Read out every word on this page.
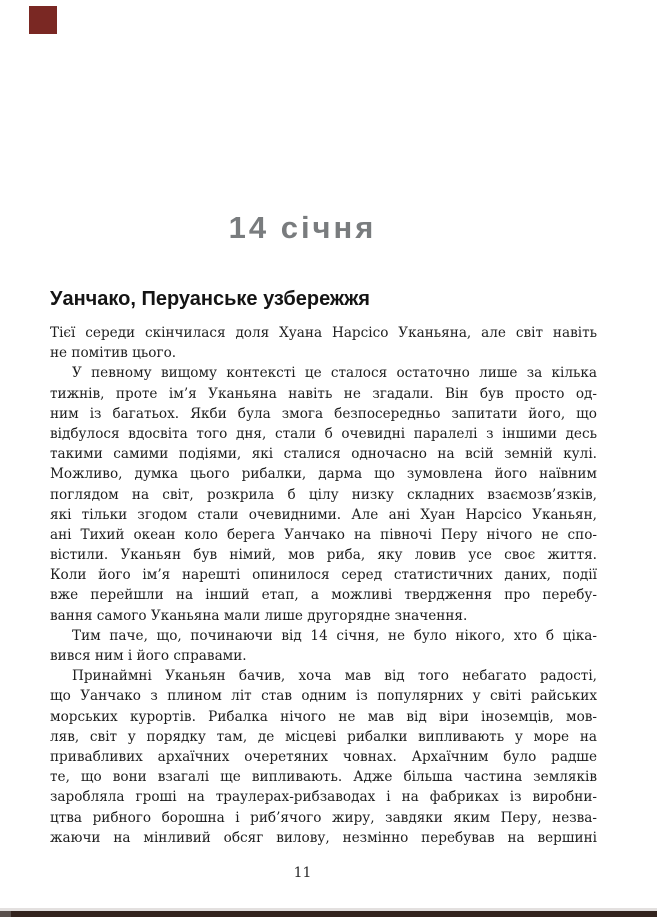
14 січня
Уанчако, Перуанське узбережжя
Тієї середи скінчилася доля Хуана Нарсісо Уканьяна, але світ навіть
не помітив цього.
У певному вищому контексті це сталося остаточно лише за кілька
тижнів, проте ім’я Уканьяна навіть не згадали. Він був просто од-
ним із багатьох. Якби була змога безпосередньо запитати його, що
відбулося вдосвіта того дня, стали б очевидні паралелі з іншими десь
такими самими подіями, які сталися одночасно на всій земній кулі.
Можливо, думка цього рибалки, дарма що зумовлена його наївним
поглядом на світ, розкрила б цілу низку складних взаємозв’язків,
які тільки згодом стали очевидними. Але ані Хуан Нарсісо Уканьян,
ані Тихий океан коло берега Уанчако на півночі Перу нічого не спо-
вістили. Уканьян був німий, мов риба, яку ловив усе своє життя.
Коли його ім’я нарешті опинилося серед статистичних даних, події
вже перейшли на інший етап, а можливі твердження про перебу-
вання самого Уканьяна мали лише другорядне значення.
Тим паче, що, починаючи від 14 січня, не було нікого, хто б ціка-
вився ним і його справами.
Принаймні Уканьян бачив, хоча мав від того небагато радості,
що Уанчако з плином літ став одним із популярних у світі райських
морських курортів. Рибалка нічого не мав від віри іноземців, мов-
ляв, світ у порядку там, де місцеві рибалки випливають у море на
привабливих архаїчних очеретяних човнах. Архаїчним було радше
те, що вони взагалі ще випливають. Адже більша частина земляків
заробляла гроші на траулерах-рибзаводах і на фабриках із виробни-
цтва рибного борошна і риб’ячого жиру, завдяки яким Перу, незва-
жаючи на мінливий обсяг вилову, незмінно перебував на вершині
11
